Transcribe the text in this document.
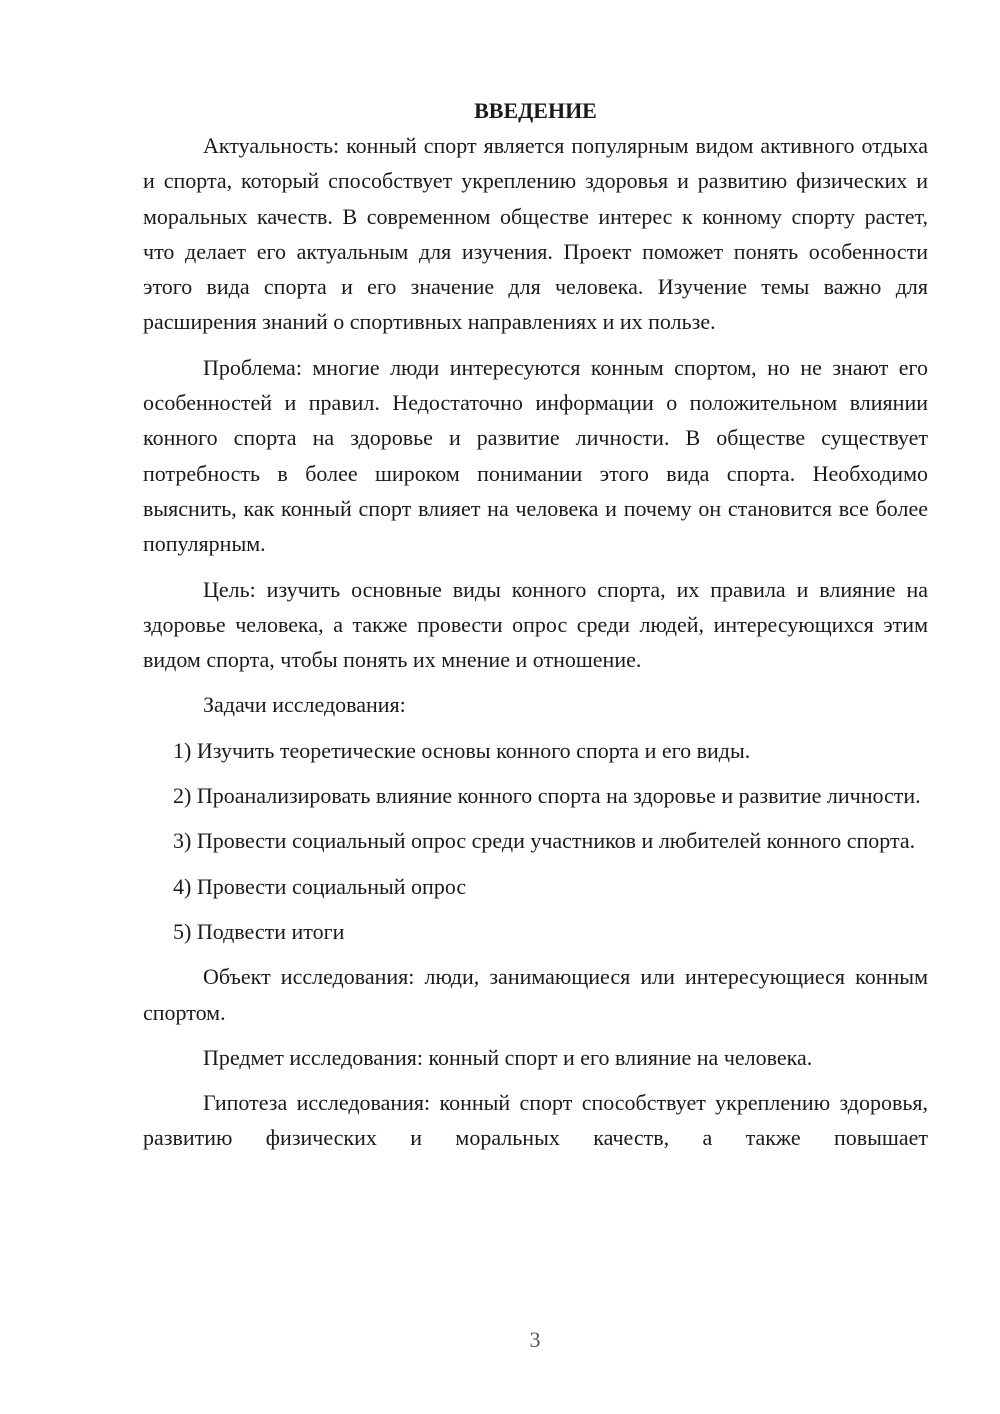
ВВЕДЕНИЕ

Актуальность: конный спорт является популярным видом активного отдыха и спорта, который способствует укреплению здоровья и развитию физических и моральных качеств. В современном обществе интерес к конному спорту растет, что делает его актуальным для изучения. Проект поможет понять особенности этого вида спорта и его значение для человека. Изучение темы важно для расширения знаний о спортивных направлениях и их пользе.

Проблема: многие люди интересуются конным спортом, но не знают его особенностей и правил. Недостаточно информации о положительном влиянии конного спорта на здоровье и развитие личности. В обществе существует потребность в более широком понимании этого вида спорта. Необходимо выяснить, как конный спорт влияет на человека и почему он становится все более популярным.

Цель: изучить основные виды конного спорта, их правила и влияние на здоровье человека, а также провести опрос среди людей, интересующихся этим видом спорта, чтобы понять их мнение и отношение.

Задачи исследования:

1) Изучить теоретические основы конного спорта и его виды.

2) Проанализировать влияние конного спорта на здоровье и развитие личности.

3) Провести социальный опрос среди участников и любителей конного спорта.

4) Провести социальный опрос

5) Подвести итоги

Объект исследования: люди, занимающиеся или интересующиеся конным спортом.

Предмет исследования: конный спорт и его влияние на человека.

Гипотеза исследования: конный спорт способствует укреплению здоровья, развитию физических и моральных качеств, а также повышает

3
